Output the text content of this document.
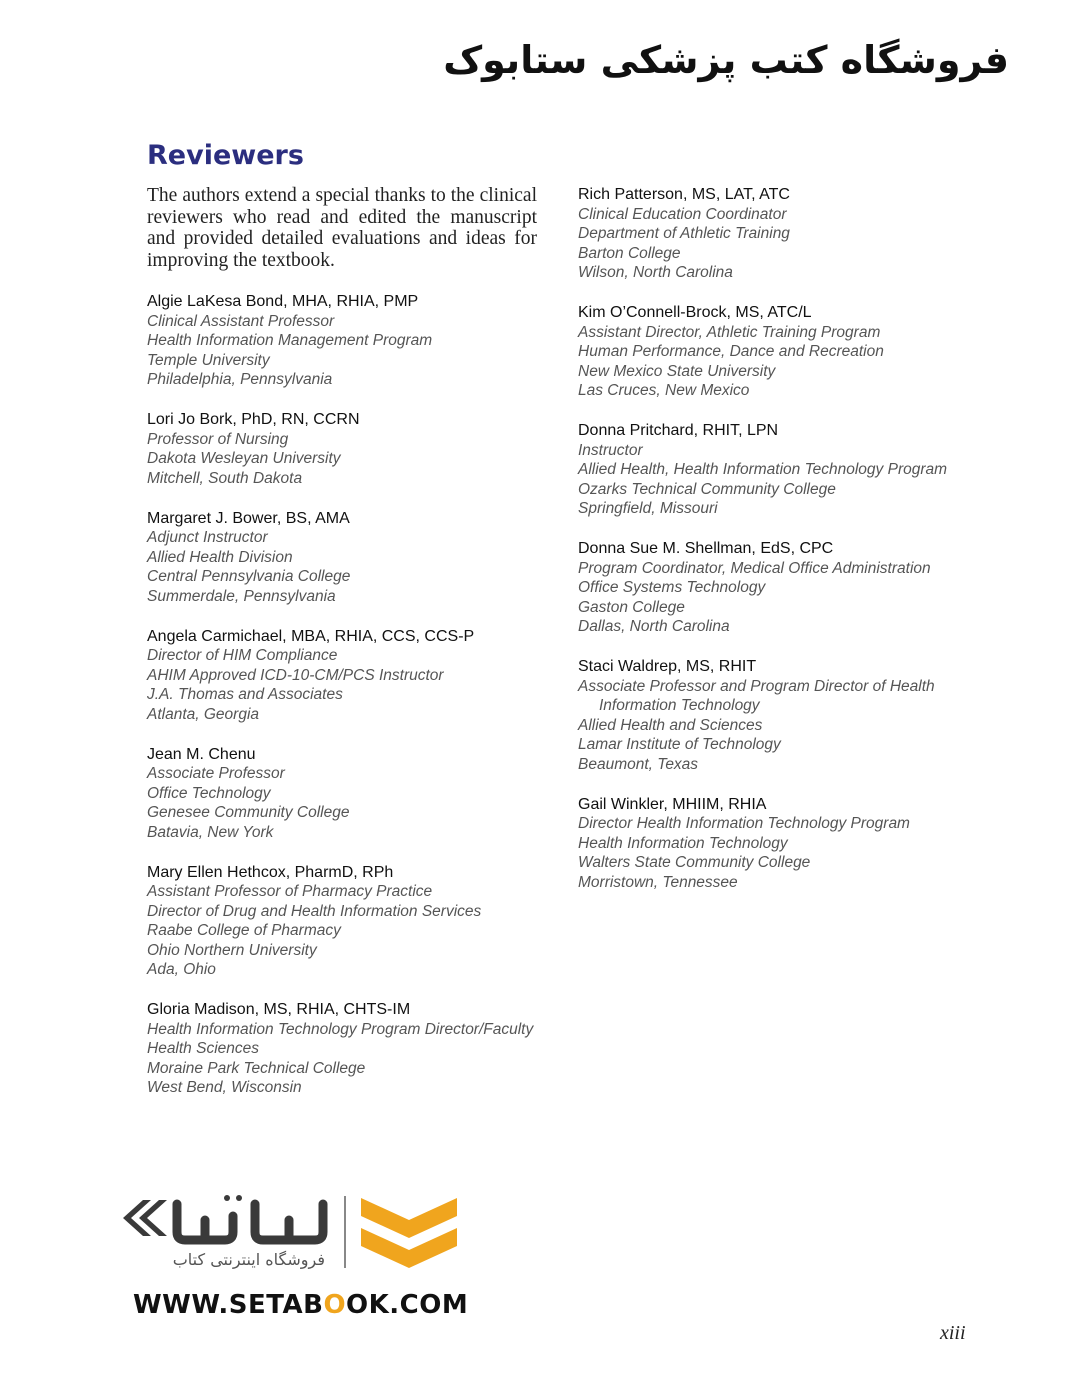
فروشگاه کتب پزشکی ستابوک
Reviewers
The authors extend a special thanks to the clinical reviewers who read and edited the manuscript and provided detailed evaluations and ideas for improving the textbook.
Algie LaKesa Bond, MHA, RHIA, PMP
Clinical Assistant Professor
Health Information Management Program
Temple University
Philadelphia, Pennsylvania
Lori Jo Bork, PhD, RN, CCRN
Professor of Nursing
Dakota Wesleyan University
Mitchell, South Dakota
Margaret J. Bower, BS, AMA
Adjunct Instructor
Allied Health Division
Central Pennsylvania College
Summerdale, Pennsylvania
Angela Carmichael, MBA, RHIA, CCS, CCS-P
Director of HIM Compliance
AHIM Approved ICD-10-CM/PCS Instructor
J.A. Thomas and Associates
Atlanta, Georgia
Jean M. Chenu
Associate Professor
Office Technology
Genesee Community College
Batavia, New York
Mary Ellen Hethcox, PharmD, RPh
Assistant Professor of Pharmacy Practice
Director of Drug and Health Information Services
Raabe College of Pharmacy
Ohio Northern University
Ada, Ohio
Gloria Madison, MS, RHIA, CHTS-IM
Health Information Technology Program Director/Faculty
Health Sciences
Moraine Park Technical College
West Bend, Wisconsin
Rich Patterson, MS, LAT, ATC
Clinical Education Coordinator
Department of Athletic Training
Barton College
Wilson, North Carolina
Kim O’Connell-Brock, MS, ATC/L
Assistant Director, Athletic Training Program
Human Performance, Dance and Recreation
New Mexico State University
Las Cruces, New Mexico
Donna Pritchard, RHIT, LPN
Instructor
Allied Health, Health Information Technology Program
Ozarks Technical Community College
Springfield, Missouri
Donna Sue M. Shellman, EdS, CPC
Program Coordinator, Medical Office Administration
Office Systems Technology
Gaston College
Dallas, North Carolina
Staci Waldrep, MS, RHIT
Associate Professor and Program Director of Health
Information Technology
Allied Health and Sciences
Lamar Institute of Technology
Beaumont, Texas
Gail Winkler, MHIIM, RHIA
Director Health Information Technology Program
Health Information Technology
Walters State Community College
Morristown, Tennessee
فروشگاه اینترنتی کتاب
WWW.SETABOOK.COM
xiii
